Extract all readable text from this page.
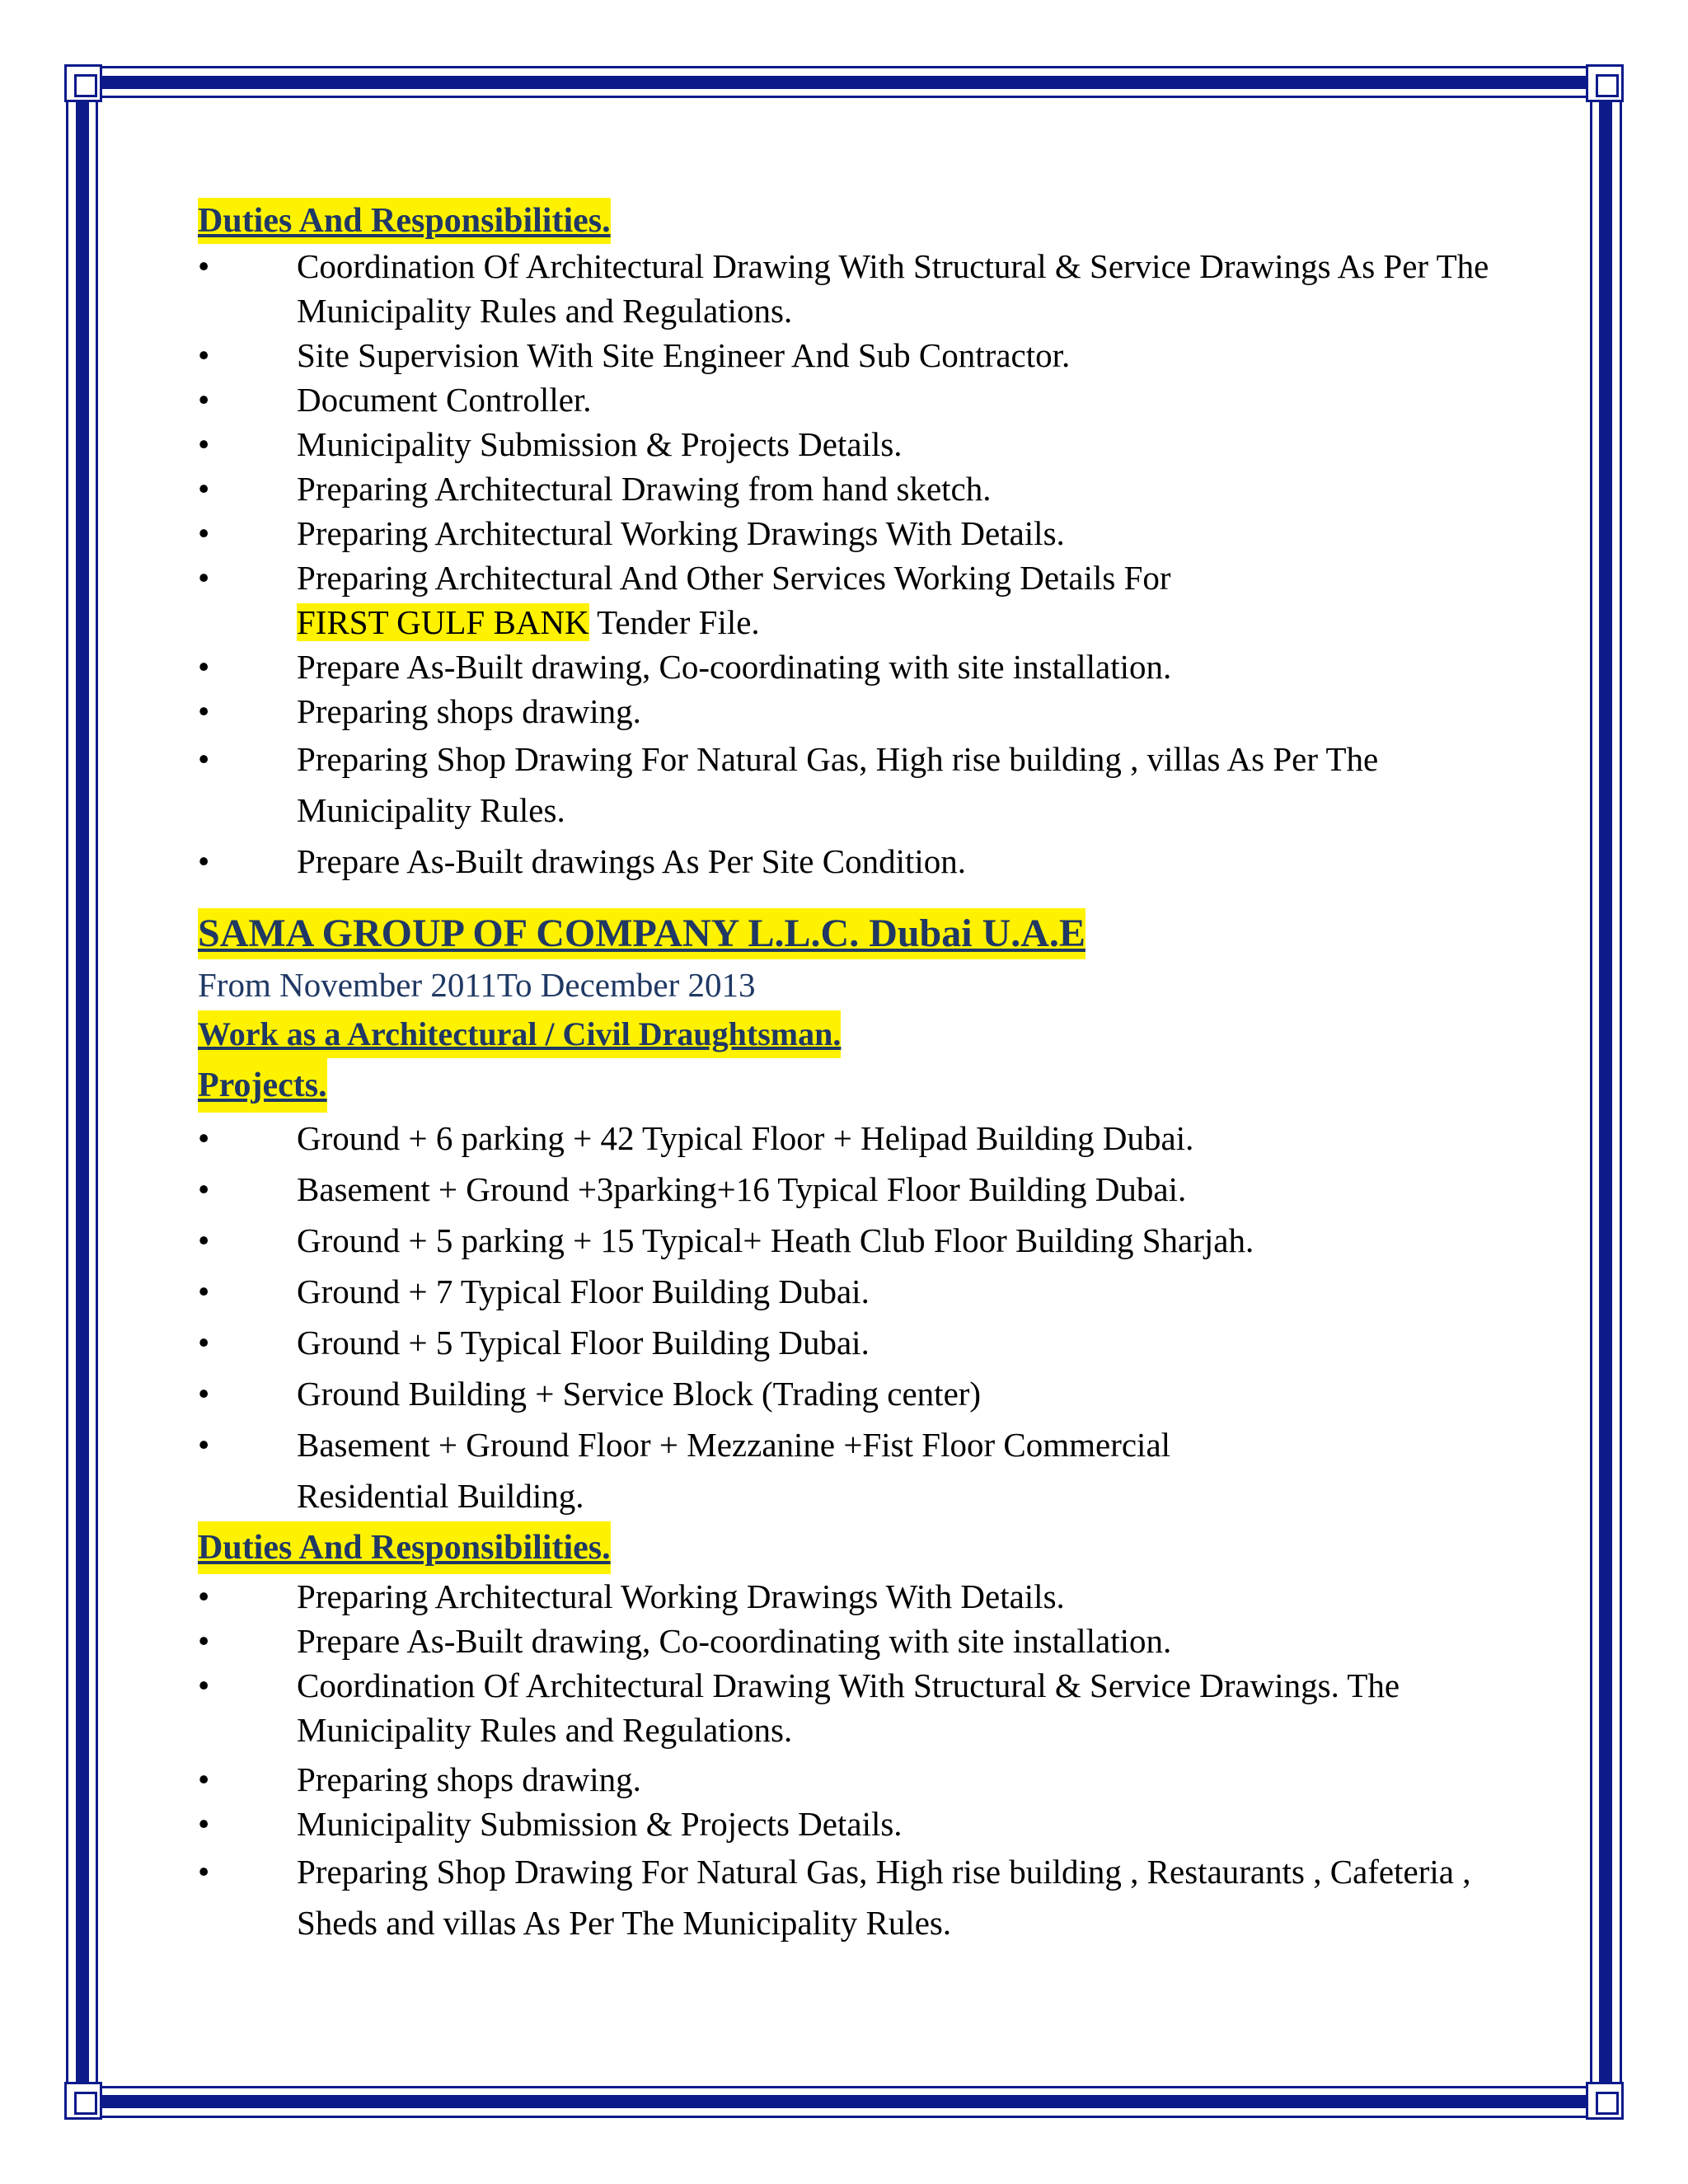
Duties And Responsibilities.
•	Coordination Of Architectural Drawing With Structural & Service Drawings As Per The Municipality Rules and Regulations.
•	Site Supervision With Site Engineer And Sub Contractor.
•	Document Controller.
•	Municipality Submission & Projects Details.
•	Preparing Architectural Drawing from hand sketch.
•	Preparing Architectural Working Drawings With Details.
•	Preparing Architectural And Other Services Working Details For
FIRST GULF BANK Tender File.
•	Prepare As-Built drawing, Co-coordinating with site installation.
•	Preparing shops drawing.
•	Preparing Shop Drawing For Natural Gas, High rise building , villas As Per The Municipality Rules.
•	Prepare As-Built drawings As Per Site Condition.
SAMA GROUP OF COMPANY L.L.C. Dubai U.A.E
From November 2011To December 2013
Work as a Architectural / Civil Draughtsman.
Projects.
•	Ground + 6 parking + 42 Typical Floor + Helipad Building Dubai.
•	Basement + Ground +3parking+16 Typical Floor Building Dubai.
•	Ground + 5 parking + 15 Typical+ Heath Club Floor Building Sharjah.
•	Ground + 7 Typical Floor Building Dubai.
•	Ground + 5 Typical Floor Building Dubai.
•	Ground Building + Service Block (Trading center)
•	Basement + Ground Floor + Mezzanine +Fist Floor Commercial Residential Building.
Duties And Responsibilities.
•	Preparing Architectural Working Drawings With Details.
•	Prepare As-Built drawing, Co-coordinating with site installation.
•	Coordination Of Architectural Drawing With Structural & Service Drawings. The Municipality Rules and Regulations.
•	Preparing shops drawing.
•	Municipality Submission & Projects Details.
•	Preparing Shop Drawing For Natural Gas, High rise building , Restaurants , Cafeteria , Sheds and villas As Per The Municipality Rules.
